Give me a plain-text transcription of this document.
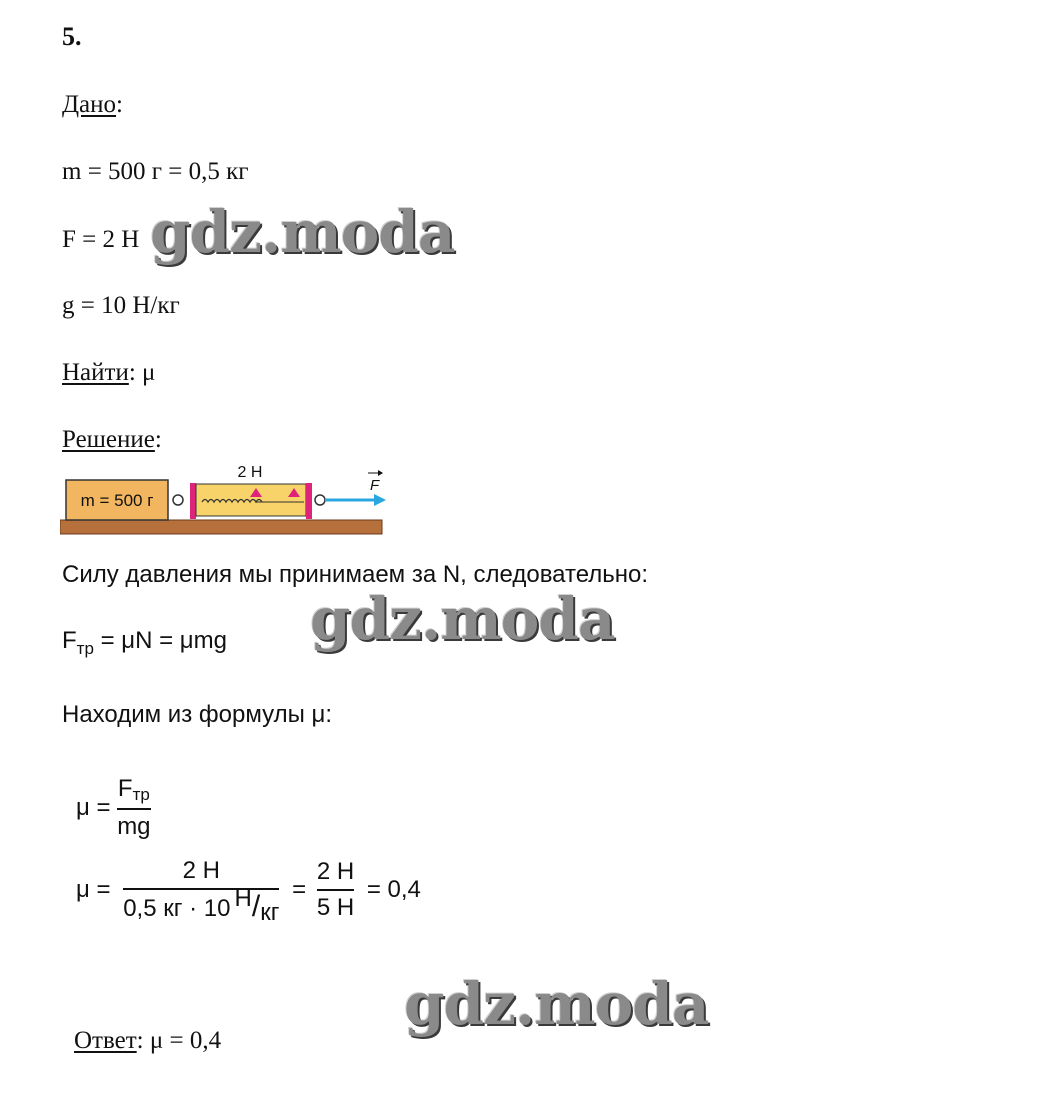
5.
Дано:
m = 500 г = 0,5 кг
F = 2 Н
g = 10 Н/кг
Найти: μ
Решение:
m = 500 г
2 Н
F
Силу давления мы принимаем за N, следовательно:
$F_{тр} = \mu N = \mu mg$
Находим из формулы μ:
$\mu = \frac{\text{Fтр}}{mg}$
$\mu = \frac{2 Н}{0,5 кг \cdot 10 Н/кг} = \frac{2 Н}{5 Н} = 0,4$
Ответ: μ = 0,4
gdz.moda
gdz.moda
gdz.moda
